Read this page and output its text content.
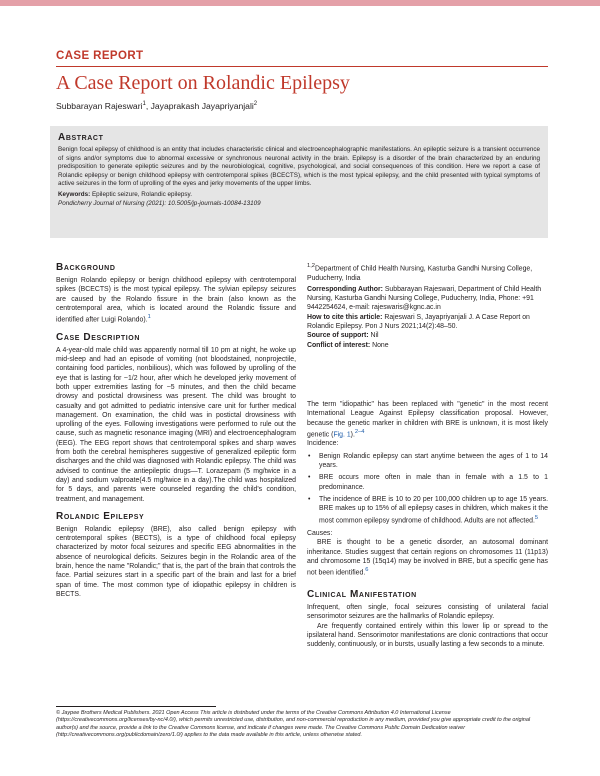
CASE REPORT
A Case Report on Rolandic Epilepsy
Subbarayan Rajeswari$^1$, Jayaprakash Jayapriyanjali$^2$
Abstract

Benign focal epilepsy of childhood is an entity that includes characteristic clinical and electroencephalographic manifestations. An epileptic seizure is a transient occurrence of signs and/or symptoms due to abnormal excessive or synchronous neuronal activity in the brain. Epilepsy is a disorder of the brain characterized by an enduring predisposition to generate epileptic seizures and by the neurobiological, cognitive, psychological, and social consequences of this condition. Here we report a case of Rolandic epilepsy or benign childhood epilepsy with centrotemporal spikes (BCECTS), which is the most typical epilepsy, and the child presented with typical symptoms of active seizures in the form of uprolling of the eyes and jerky movements of the upper limbs.

Keywords: Epileptic seizure, Rolandic epilepsy.
Pondicherry Journal of Nursing (2021): 10.5005/jp-journals-10084-13109
Background

Benign Rolando epilepsy or benign childhood epilepsy with centrotemporal spikes (BCECTS) is the most typical epilepsy. The sylvian epilepsy seizures are caused by the Rolando fissure in the brain (also known as the centrotemporal area, which is located around the Rolandic fissure and identified after Luigi Rolando).$^1$

Case Description

A 4-year-old male child was apparently normal till 10 pm at night, he woke up mid-sleep and had an episode of vomiting (not bloodstained, nonprojectile, containing food particles, nonbilious), which was followed by uprolling of the eye that is lasting for ~1/2 hour, after which he developed jerky movement of both upper extremities lasting for ~5 minutes, and then the child became drowsy and postictal drowsiness was present. The child was brought to casualty and got admitted to pediatric intensive care unit for further medical management. On examination, the child was in postictal drowsiness with uprolling of the eyes. Following investigations were performed to rule out the cause, such as magnetic resonance imaging (MRI) and electroencephalogram (EEG). The EEG report shows that centrotemporal spikes and sharp waves from both the cerebral hemispheres suggestive of generalized epileptic form discharges and the child was diagnosed with Rolandic epilepsy. The child was advised to continue the antiepileptic drugs—T. Lorazepam (5 mg/twice in a day) and sodium valproate(4.5 mg/twice in a day).The child was hospitalized for 5 days, and parents were counseled regarding the child's condition, treatment, and management.

Rolandic Epilepsy

Benign Rolandic epilepsy (BRE), also called benign epilepsy with centrotemporal spikes (BECTS), is a type of childhood focal epilepsy characterized by motor focal seizures and specific EEG abnormalities in the absence of neurological deficits. Seizures begin in the Rolandic area of the brain, hence the name "Rolandic;" that is, the part of the brain that controls the face. Partial seizures start in a specific part of the brain and last for a brief span of time. The most common type of idiopathic epilepsy in children is BECTS.

$^{1,2}$Department of Child Health Nursing, Kasturba Gandhi Nursing College, Puducherry, India

Corresponding Author: Subbarayan Rajeswari, Department of Child Health Nursing, Kasturba Gandhi Nursing College, Puducherry, India, Phone: +91 9442254624, e-mail: rajeswaris@kgnc.ac.in

How to cite this article: Rajeswari S, Jayapriyanjali J. A Case Report on Rolandic Epilepsy. Pon J Nurs 2021;14(2):48–50.

Source of support: Nil

Conflict of interest: None

The term "idiopathic" has been replaced with "genetic" in the most recent International League Against Epilepsy classification proposal. However, because the genetic marker in children with BRE is unknown, it is most likely genetic (Fig. 1).$^{2-4}$

Incidence:

• Benign Rolandic epilepsy can start anytime between the ages of 1 to 14 years.
• BRE occurs more often in male than in female with a 1.5 to 1 predominance.
• The incidence of BRE is 10 to 20 per 100,000 children up to age 15 years. BRE makes up to 15% of all epilepsy cases in children, which makes it the most common epilepsy syndrome of childhood. Adults are not affected.$^5$

Causes:

BRE is thought to be a genetic disorder, an autosomal dominant inheritance. Studies suggest that certain regions on chromosomes 11 (11p13) and chromosome 15 (15q14) may be involved in BRE, but a specific gene has not been identified.$^6$

Clinical Manifestation

Infrequent, often single, focal seizures consisting of unilateral facial sensorimotor seizures are the hallmarks of Rolandic epilepsy.

Are frequently contained entirely within this lower lip or spread to the ipsilateral hand. Sensorimotor manifestations are clonic contractions that occur suddenly, continuously, or in bursts, usually lasting a few seconds to a minute.

© Jaypee Brothers Medical Publishers. 2021 Open Access This article is distributed under the terms of the Creative Commons Attribution 4.0 International License (https://creativecommons.org/licenses/by-nc/4.0/), which permits unrestricted use, distribution, and non-commercial reproduction in any medium, provided you give appropriate credit to the original author(s) and the source, provide a link to the Creative Commons license, and indicate if changes were made. The Creative Commons Public Domain Dedication waiver (http://creativecommons.org/publicdomain/zero/1.0/) applies to the data made available in this article, unless otherwise stated.
